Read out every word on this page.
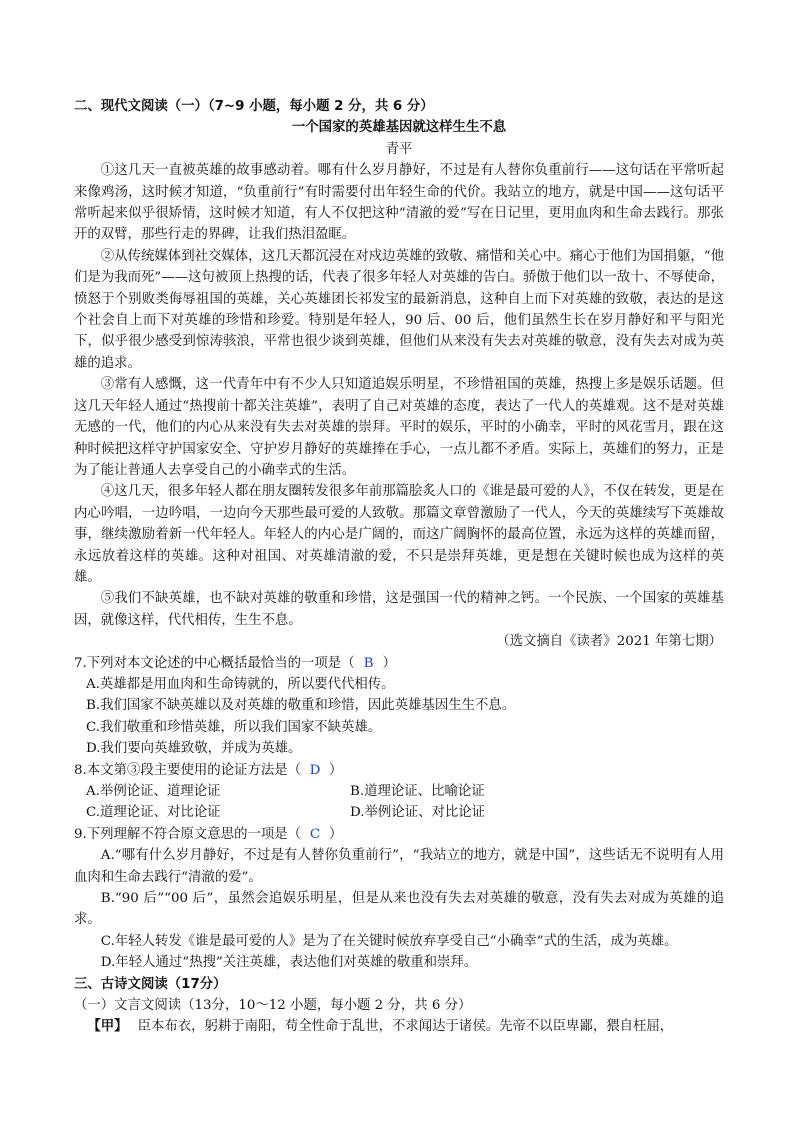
二、现代文阅读（一）（7~9 小题，每小题 2 分，共 6 分）

一个国家的英雄基因就这样生生不息

青平

①这几天一直被英雄的故事感动着。哪有什么岁月静好，不过是有人替你负重前行——这句话在平常听起来像鸡汤，这时候才知道，“负重前行”有时需要付出年轻生命的代价。我站立的地方，就是中国——这句话平常听起来似乎很矫情，这时候才知道，有人不仅把这种“清澈的爱”写在日记里，更用血肉和生命去践行。那张开的双臂，那些行走的界碑，让我们热泪盈眶。

②从传统媒体到社交媒体，这几天都沉浸在对戍边英雄的致敬、痛惜和关心中。痛心于他们为国捐躯，“他们是为我而死”——这句被顶上热搜的话，代表了很多年轻人对英雄的告白。骄傲于他们以一敌十、不辱使命，愤怒于个别败类侮辱祖国的英雄，关心英雄团长祁发宝的最新消息，这种自上而下对英雄的致敬，表达的是这个社会自上而下对英雄的珍惜和珍爱。特别是年轻人，90 后、00 后，他们虽然生长在岁月静好和平与阳光下，似乎很少感受到惊涛骇浪，平常也很少谈到英雄，但他们从来没有失去对英雄的敬意，没有失去对成为英雄的追求。

③常有人感慨，这一代青年中有不少人只知道追娱乐明星，不珍惜祖国的英雄，热搜上多是娱乐话题。但这几天年轻人通过“热搜前十都关注英雄”，表明了自己对英雄的态度，表达了一代人的英雄观。这不是对英雄无感的一代，他们的内心从来没有失去对英雄的崇拜。平时的娱乐，平时的小确幸，平时的风花雪月，跟在这种时候把这样守护国家安全、守护岁月静好的英雄捧在手心，一点儿都不矛盾。实际上，英雄们的努力，正是为了能让普通人去享受自己的小确幸式的生活。

④这几天，很多年轻人都在朋友圈转发很多年前那篇脍炙人口的《谁是最可爱的人》，不仅在转发，更是在内心吟唱，一边吟唱，一边向今天那些最可爱的人致敬。那篇文章曾激励了一代人，今天的英雄续写下英雄故事，继续激励着新一代年轻人。年轻人的内心是广阔的，而这广阔胸怀的最高位置，永远为这样的英雄而留，永远放着这样的英雄。这种对祖国、对英雄清澈的爱，不只是崇拜英雄，更是想在关键时候也成为这样的英雄。

⑤我们不缺英雄，也不缺对英雄的敬重和珍惜，这是强国一代的精神之钙。一个民族、一个国家的英雄基因，就像这样，代代相传，生生不息。

（选文摘自《读者》2021 年第七期）

7.下列对本文论述的中心概括最恰当的一项是（ B ）

A.英雄都是用血肉和生命铸就的，所以要代代相传。

B.我们国家不缺英雄以及对英雄的敬重和珍惜，因此英雄基因生生不息。

C.我们敬重和珍惜英雄，所以我们国家不缺英雄。

D.我们要向英雄致敬，并成为英雄。

8.本文第③段主要使用的论证方法是（ D ）

A.举例论证、道理论证	B.道理论证、比喻论证
C.道理论证、对比论证	D.举例论证、对比论证

9.下列理解不符合原文意思的一项是（ C ）

A.“哪有什么岁月静好，不过是有人替你负重前行”，“我站立的地方，就是中国”，这些话无不说明有人用血肉和生命去践行“清澈的爱”。

B.“90 后”“00 后”，虽然会追娱乐明星，但是从来也没有失去对英雄的敬意，没有失去对成为英雄的追求。

C.年轻人转发《谁是最可爱的人》是为了在关键时候放弃享受自己“小确幸”式的生活，成为英雄。

D.年轻人通过“热搜”关注英雄，表达他们对英雄的敬重和崇拜。

三、古诗文阅读（17分）

（一）文言文阅读（13分，10～12 小题，每小题 2 分，共 6 分）

【甲】 臣本布衣，躬耕于南阳，苟全性命于乱世，不求闻达于诸侯。先帝不以臣卑鄙，猥自枉屈，
